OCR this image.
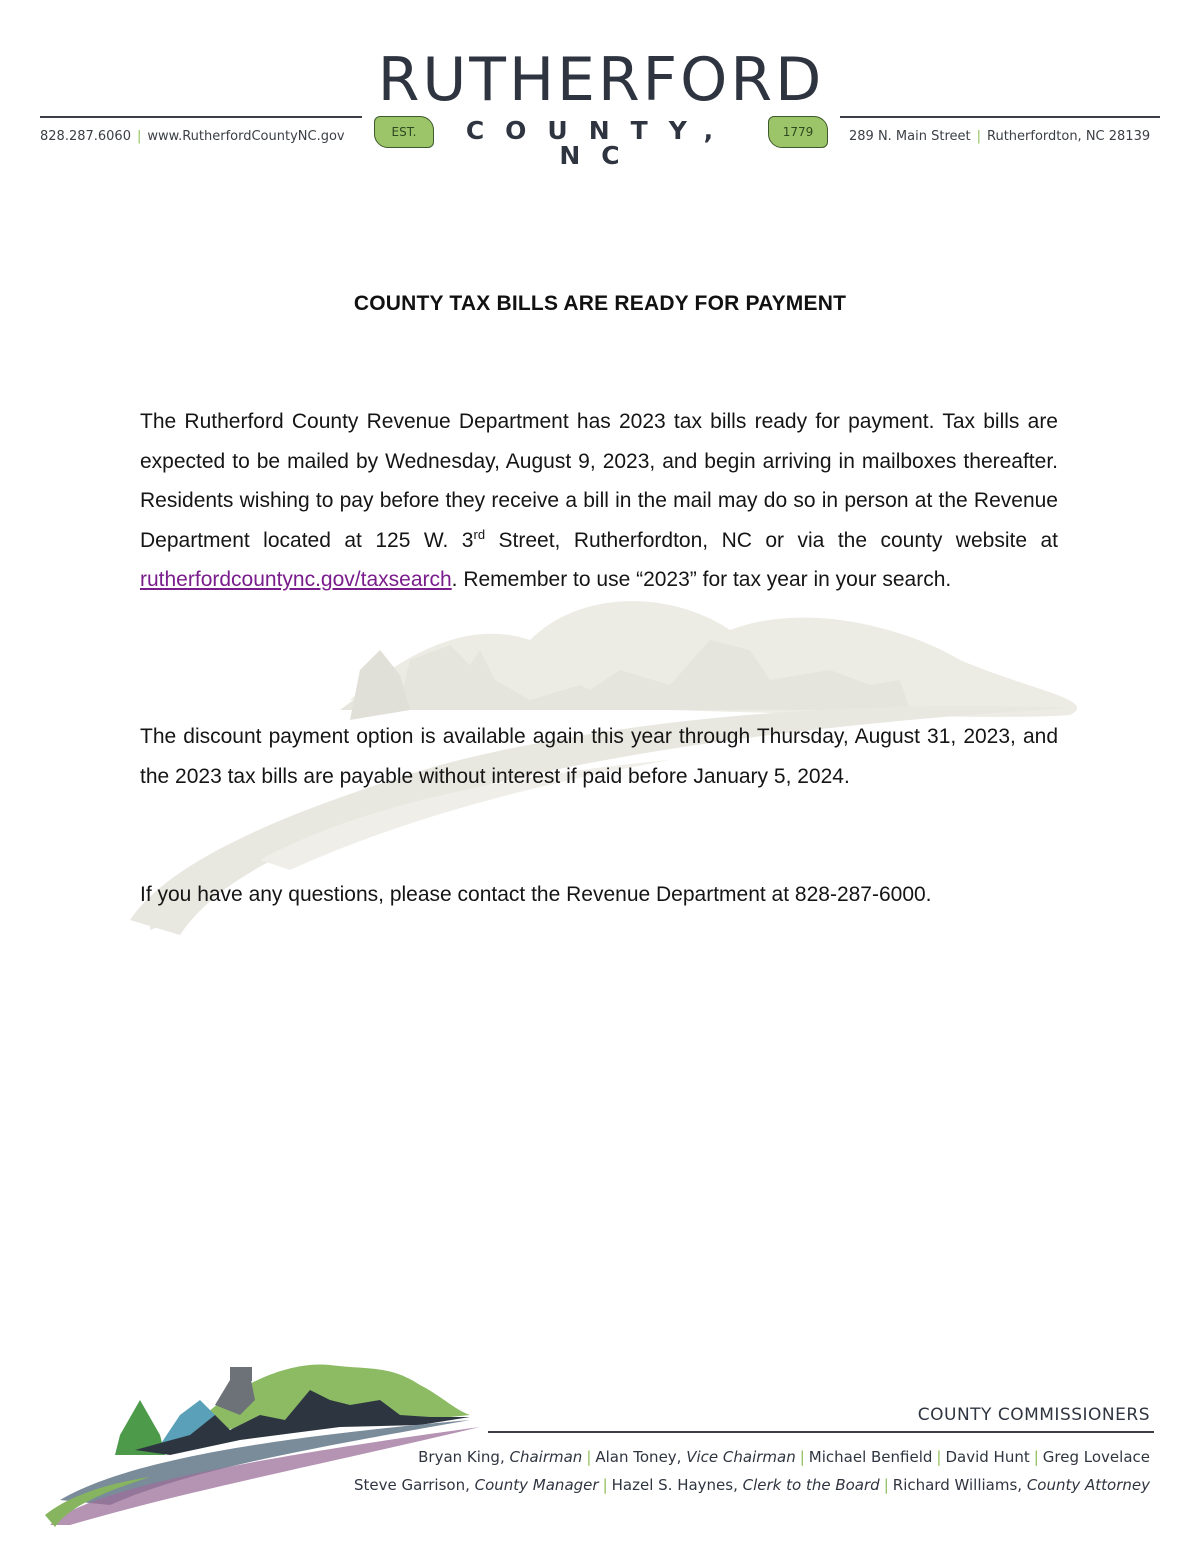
828.287.6060 | www.RutherfordCountyNC.gov	289 N. Main Street | Rutherfordton, NC 28139
RUTHERFORD
COUNTY, NC
EST.	1779
COUNTY TAX BILLS ARE READY FOR PAYMENT
The Rutherford County Revenue Department has 2023 tax bills ready for payment. Tax bills are expected to be mailed by Wednesday, August 9, 2023, and begin arriving in mailboxes thereafter. Residents wishing to pay before they receive a bill in the mail may do so in person at the Revenue Department located at 125 W. 3rd Street, Rutherfordton, NC or via the county website at rutherfordcountync.gov/taxsearch. Remember to use “2023” for tax year in your search.
The discount payment option is available again this year through Thursday, August 31, 2023, and the 2023 tax bills are payable without interest if paid before January 5, 2024.
If you have any questions, please contact the Revenue Department at 828-287-6000.
COUNTY COMMISSIONERS
Bryan King, Chairman | Alan Toney, Vice Chairman | Michael Benfield | David Hunt | Greg Lovelace
Steve Garrison, County Manager | Hazel S. Haynes, Clerk to the Board | Richard Williams, County Attorney
